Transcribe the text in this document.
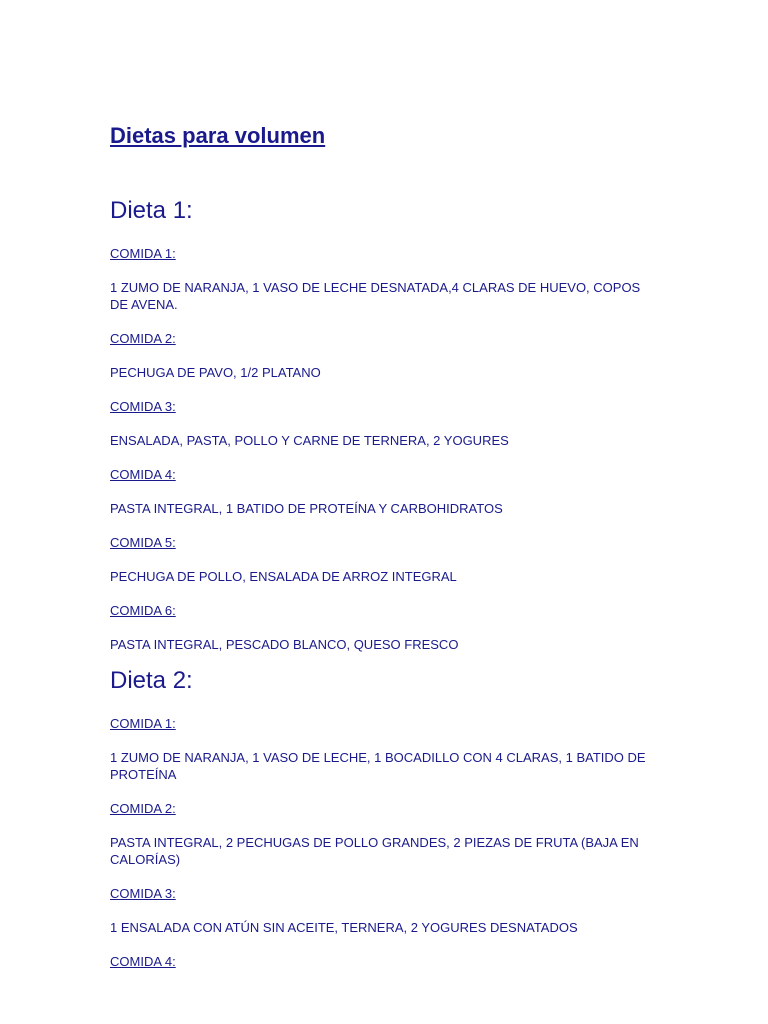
Dietas para volumen
Dieta 1:
COMIDA 1:
1 ZUMO DE NARANJA, 1 VASO DE LECHE DESNATADA,4 CLARAS DE HUEVO, COPOS DE AVENA.
COMIDA 2:
PECHUGA DE PAVO, 1/2 PLATANO
COMIDA 3:
ENSALADA, PASTA, POLLO Y CARNE DE TERNERA, 2 YOGURES
COMIDA 4:
PASTA INTEGRAL, 1 BATIDO DE PROTEÍNA Y CARBOHIDRATOS
COMIDA 5:
PECHUGA DE POLLO, ENSALADA DE ARROZ INTEGRAL
COMIDA 6:
PASTA INTEGRAL, PESCADO BLANCO, QUESO FRESCO
Dieta 2:
COMIDA 1:
1 ZUMO DE NARANJA, 1 VASO DE LECHE, 1 BOCADILLO CON 4 CLARAS, 1 BATIDO DE PROTEÍNA
COMIDA 2:
PASTA INTEGRAL, 2 PECHUGAS DE POLLO GRANDES, 2 PIEZAS DE FRUTA (BAJA EN CALORÍAS)
COMIDA 3:
1 ENSALADA CON ATÚN SIN ACEITE, TERNERA, 2 YOGURES DESNATADOS
COMIDA 4:
